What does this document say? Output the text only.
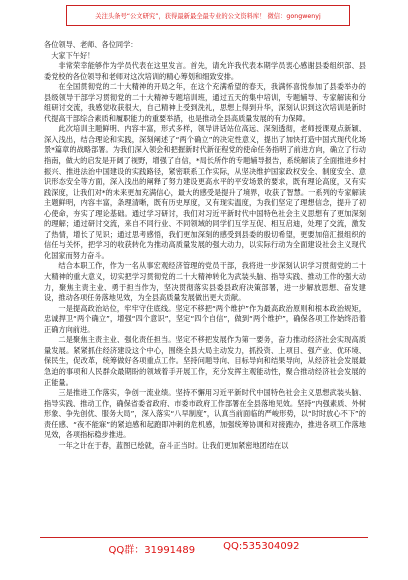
关注头条号“公文研究”，获得最新最全最专业的公文资料库！ 微信：gongwenyj

各位领导、老师、各位同学：

大家下午好！

非常荣幸能够作为学员代表在这里发言。首先，请允许我代表本期学员衷心感谢县委组织部、县委党校的各位领导和老师对这次培训的精心筹划和细致安排。

在全国贯彻党的二十大精神的开局之年，在这个充满希望的春天，我满怀喜悦参加了县委举办的县级领导干部学习贯彻党的二十大精神专题培训班，通过五天的集中培训，专题辅导、专家解读和分组研讨交流，我感觉收获很大，自己精神上受到洗礼，思想上得到升华，深刻认识到这次培训是新时代提高干部综合素质和履职能力的重要举措，也是推动全县高质量发展的有力保障。

此次培训主题鲜明、内容丰富，形式多样，领导讲话站位高远、深刻透彻，老师授课观点新颖、深入浅出，结合理论和实践，深刻阐述了“两个确立”的决定性意义，提出了加快打造中国式现代化场景*篇章的战略部署。为我们深入领会和把握新时代新征程党的使命任务指明了前进方向，确立了行动指南，做大的启发是开阔了视野，增强了自信，*局长所作的专题辅导报告，系统解读了全面推进乡村振兴、推进法治中国建设的实践路径，紧密联系工作实际，从坚决维护国家政权安全、制度安全、意识形态安全等方面，深入浅出的阐释了努力建设更高水平的平安场景的要求，既有理论高度，又有实践深度，让我们对*的未来更加充满信心，最大的感受是提升了境界，收获了智慧。一系列的专家解读主题鲜明，内容丰富，条理清晰，既有历史厚度，又有现实温度，为我们坚定了理想信念，提升了初心使命，夯实了理论基础。通过学习研讨，我们对习近平新时代中国特色社会主义思想有了更加深刻的理解；通过研讨交流，来自不同行业、不同领域的同学们互学互促、相互启迪，处理了交流，激发了热情，增长了见识；通过思考感悟，我们更加深刻的感受到县委的殷切希望，更要加倍汇报组织的信任与关怀，把学习的收获转化为推动高质量发展的强大动力，以实际行动为全面建设社会主义现代化国家而努力奋斗。

结合本职工作，作为一名从事宏观经济管理的党员干部，我将进一步深刻认识学习贯彻党的二十大精神的重大意义，切实把学习贯彻党的二十大精神转化为武装头脑、指导实践、推动工作的强大动力，聚焦主责主业、勇于担当作为，坚决贯彻落实县委县政府决策部署，进一步解放思想、奋发建设，推动各项任务落地见效，为全县高质量发展做出更大贡献。

一是提高政治站位，牢牢守住底线。坚定不移把“两个维护”作为最高政治原则和根本政治规矩，忠诚捍卫“两个确立”，增强“四个意识”，坚定“四个自信”，做到“两个维护”，确保各项工作始终沿着正确方向前进。

二是聚焦主责主业、强化责任担当。坚定不移把发展作为第一要务，奋力推动经济社会实现高质量发展。紧紧抓住经济建设这个中心，围绕全县大局主动发力，抓投资、上项目、强产业、优环境、保民生，促改革，统筹做好各项重点工作。坚持问题导向、目标导向和结果导向，从经济社会发展最急迫的事项和人民群众最期盼的领域着手开展工作，充分发挥主观能动性，聚合推动经济社会发展的正能量。

三是推进工作落实，争创一流业绩。坚持不懈用习近平新时代中国特色社会主义思想武装头脑、指导实践、推动工作，确保省委省政府、市委市政府工作部署在全县落地见效。坚持“内强素质、外树形象、争先创优、服务大局”，深入落实“八早制度”，认真当前面临的严峻形势，以“时时放心不下”的责任感、“夜不能寐”的紧迫感和起跑即冲刺的危机感，加强统筹协调和对接跑办，推进各项工作落地见效，各项指标稳步推进。

一年之计在于春，蓝图已绘就，奋斗正当时。让我们更加紧密地团结在以

QQ群：31991489	QQ:535304092
